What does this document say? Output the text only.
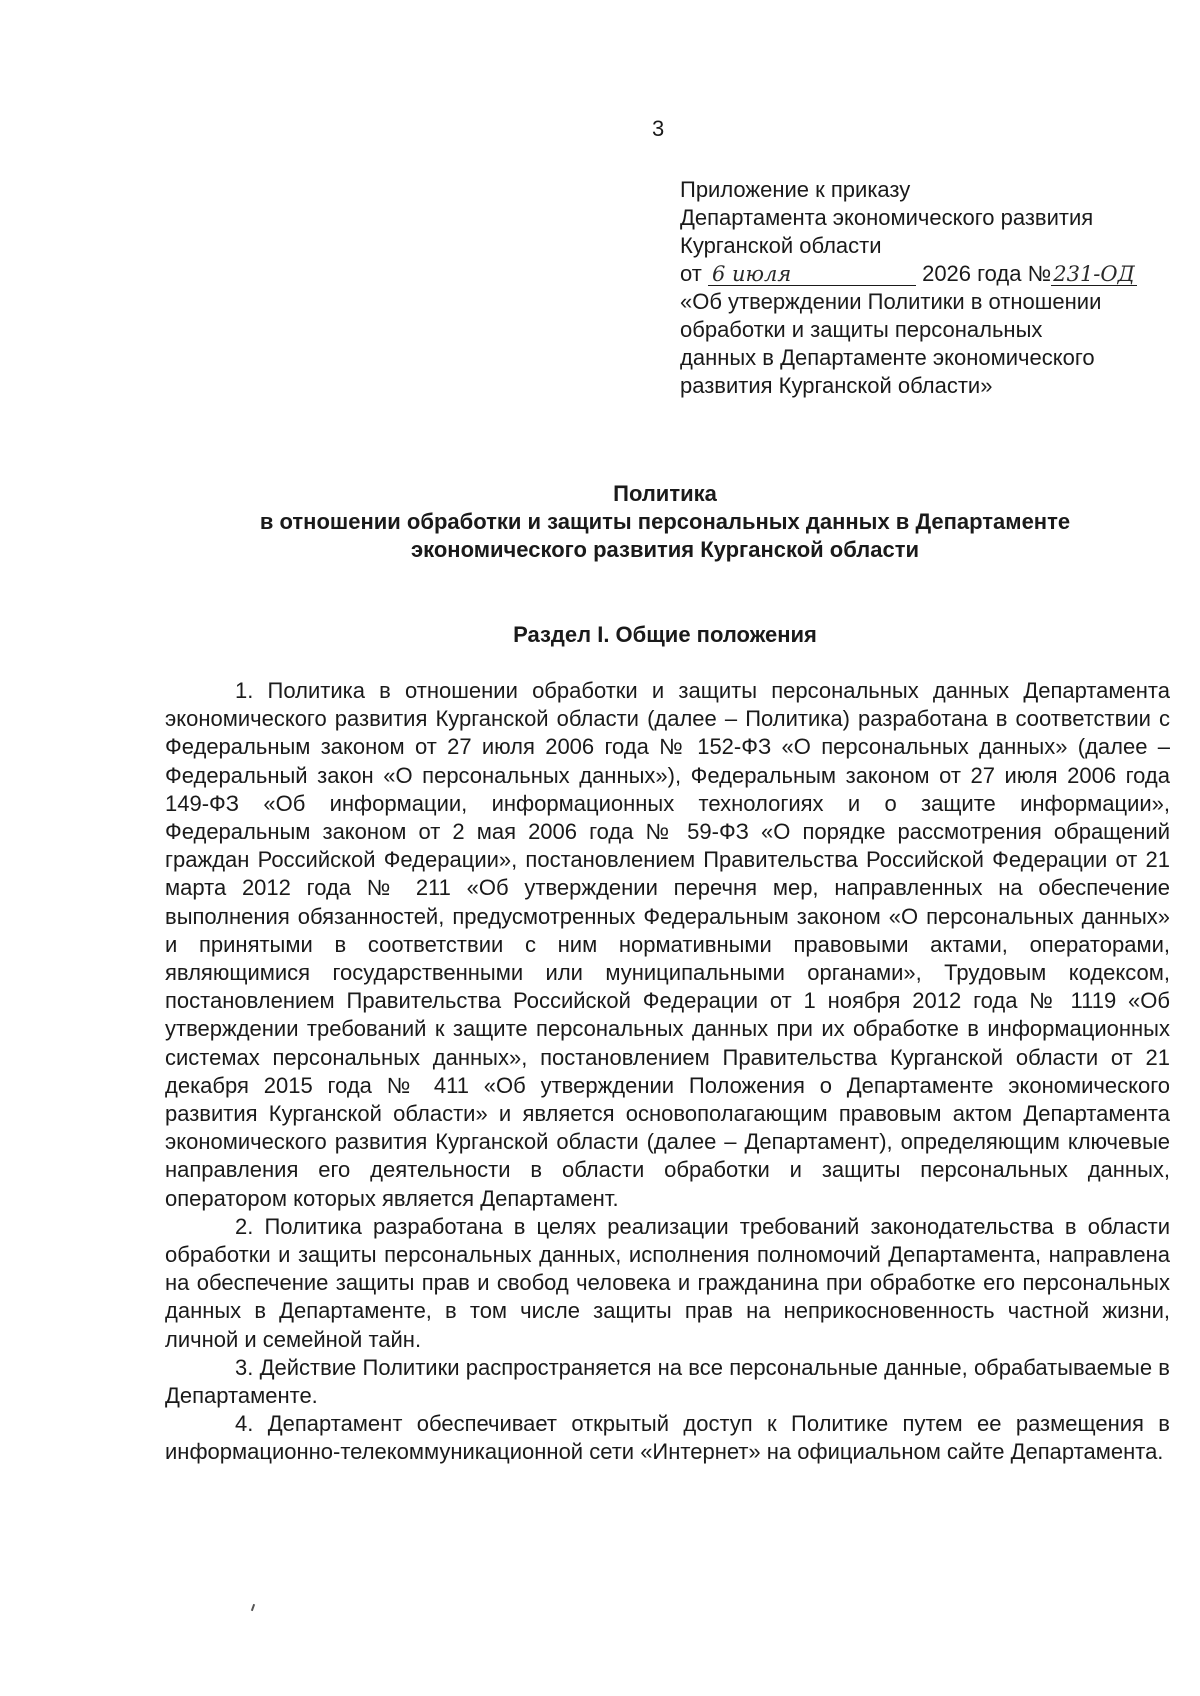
3
Приложение к приказу
Департамента экономического развития
Курганской области
от 6 июля	2026 года №231-ОД
«Об утверждении Политики в отношении
обработки и защиты персональных
данных в Департаменте экономического
развития Курганской области»
Политика
в отношении обработки и защиты персональных данных в Департаменте
экономического развития Курганской области
Раздел I. Общие положения

1. Политика в отношении обработки и защиты персональных данных Департамента экономического развития Курганской области (далее – Политика) разработана в соответствии с Федеральным законом от 27 июля 2006 года № 152-ФЗ «О персональных данных» (далее – Федеральный закон «О персональных данных»), Федеральным законом от 27 июля 2006 года 149-ФЗ «Об информации, информационных технологиях и о защите информации», Федеральным законом от 2 мая 2006 года № 59-ФЗ «О порядке рассмотрения обращений граждан Российской Федерации», постановлением Правительства Российской Федерации от 21 марта 2012 года № 211 «Об утверждении перечня мер, направленных на обеспечение выполнения обязанностей, предусмотренных Федеральным законом «О персональных данных» и принятыми в соответствии с ним нормативными правовыми актами, операторами, являющимися государственными или муниципальными органами», Трудовым кодексом, постановлением Правительства Российской Федерации от 1 ноября 2012 года № 1119 «Об утверждении требований к защите персональных данных при их обработке в информационных системах персональных данных», постановлением Правительства Курганской области от 21 декабря 2015 года № 411 «Об утверждении Положения о Департаменте экономического развития Курганской области» и является основополагающим правовым актом Департамента экономического развития Курганской области (далее – Департамент), определяющим ключевые направления его деятельности в области обработки и защиты персональных данных, оператором которых является Департамент.

2. Политика разработана в целях реализации требований законодательства в области обработки и защиты персональных данных, исполнения полномочий Департамента, направлена на обеспечение защиты прав и свобод человека и гражданина при обработке его персональных данных в Департаменте, в том числе защиты прав на неприкосновенность частной жизни, личной и семейной тайн.

3. Действие Политики распространяется на все персональные данные, обрабатываемые в Департаменте.

4. Департамент обеспечивает открытый доступ к Политике путем ее размещения в информационно-телекоммуникационной сети «Интернет» на официальном сайте Департамента.
